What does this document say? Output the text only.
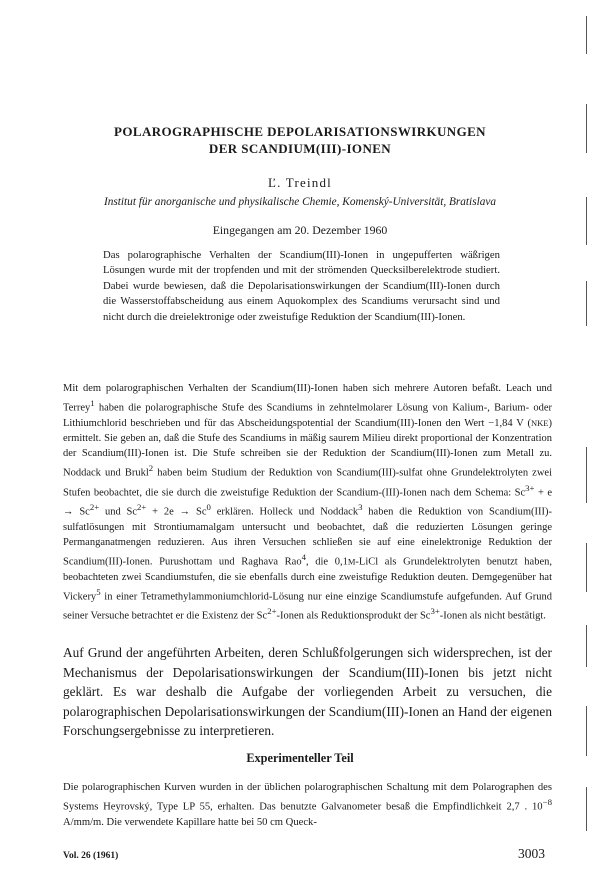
POLAROGRAPHISCHE DEPOLARISATIONSWIRKUNGEN
DER SCANDIUM(III)-IONEN
Ľ. Treindl
Institut für anorganische und physikalische Chemie, Komenský-Universität, Bratislava
Eingegangen am 20. Dezember 1960

Das polarographische Verhalten der Scandium(III)-Ionen in ungepufferten wäßrigen Lösungen wurde mit der tropfenden und mit der strömenden Quecksilberelektrode studiert. Dabei wurde bewiesen, daß die Depolarisationswirkungen der Scandium(III)-Ionen durch die Wasserstoffabscheidung aus einem Aquokomplex des Scandiums verursacht sind und nicht durch die dreielektronige oder zweistufige Reduktion der Scandium(III)-Ionen.

Mit dem polarographischen Verhalten der Scandium(III)-Ionen haben sich mehrere Autoren befaßt. Leach und Terrey$^1$ haben die polarographische Stufe des Scandiums in zehntelmolarer Lösung von Kalium-, Barium- oder Lithiumchlorid beschrieben und für das Abscheidungspotential der Scandium(III)-Ionen den Wert −1,84 V (NKE) ermittelt. Sie geben an, daß die Stufe des Scandiums in mäßig saurem Milieu direkt proportional der Konzentration der Scandium(III)-Ionen ist. Die Stufe schreiben sie der Reduktion der Scandium(III)-Ionen zum Metall zu. Noddack und Brukl$^2$ haben beim Studium der Reduktion von Scandium(III)-sulfat ohne Grundelektrolyten zwei Stufen beobachtet, die sie durch die zweistufige Reduktion der Scandium-(III)-Ionen nach dem Schema: $Sc^{3+} + e \to Sc^{2+}$ und $Sc^{2+} + 2e \to Sc^0$ erklären. Holleck und Noddack$^3$ haben die Reduktion von Scandium(III)-sulfatlösungen mit Strontiumamalgam untersucht und beobachtet, daß die reduzierten Lösungen geringe Permanganatmengen reduzieren. Aus ihren Versuchen schließen sie auf eine einelektronige Reduktion der Scandium(III)-Ionen. Purushottam und Raghava Rao$^4$, die 0,1M-LiCl als Grundelektrolyten benutzt haben, beobachteten zwei Scandiumstufen, die sie ebenfalls durch eine zweistufige Reduktion deuten. Demgegenüber hat Vickery$^5$ in einer Tetramethylammoniumchlorid-Lösung nur eine einzige Scandiumstufe aufgefunden. Auf Grund seiner Versuche betrachtet er die Existenz der $Sc^{2+}$-Ionen als Reduktionsprodukt der $Sc^{3+}$-Ionen als nicht bestätigt.

Auf Grund der angeführten Arbeiten, deren Schlußfolgerungen sich widersprechen, ist der Mechanismus der Depolarisationswirkungen der Scandium(III)-Ionen bis jetzt nicht geklärt. Es war deshalb die Aufgabe der vorliegenden Arbeit zu versuchen, die polarographischen Depolarisationswirkungen der Scandium(III)-Ionen an Hand der eigenen Forschungsergebnisse zu interpretieren.

Experimenteller Teil

Die polarographischen Kurven wurden in der üblichen polarographischen Schaltung mit dem Polarographen des Systems Heyrovský, Type LP 55, erhalten. Das benutzte Galvanometer besaß die Empfindlichkeit 2,7 . $10^{-8}$ A/mm/m. Die verwendete Kapillare hatte bei 50 cm Queck-

Vol. 26 (1961)	3003
